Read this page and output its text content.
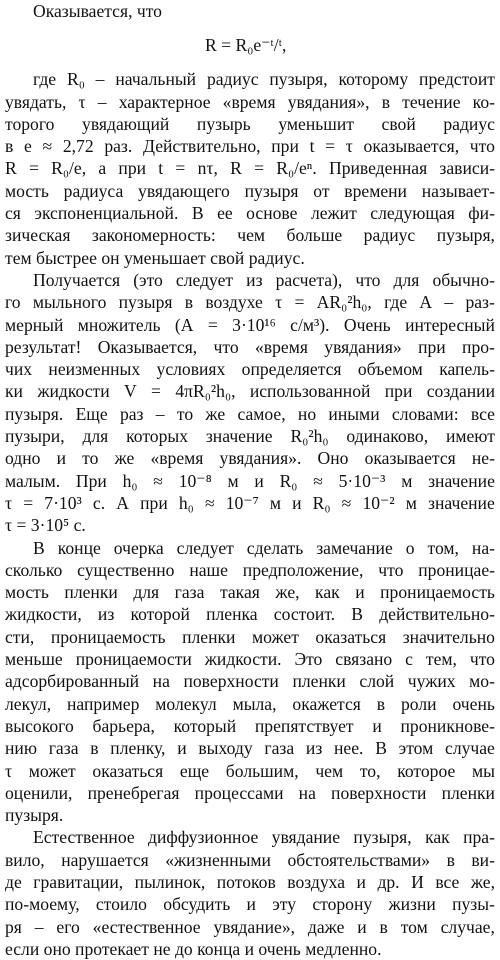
Оказывается, что
R = R₀e⁻ᵗ/ᵗ,
где R₀ – начальный радиус пузыря, которому предстоит
увядать, τ – характерное «время увядания», в течение ко-
торого увядающий пузырь уменьшит свой радиус
в e ≈ 2,72 раз. Действительно, при t = τ оказывается, что
R = R₀/e, а при t = nτ, R = R₀/eⁿ. Приведенная зависи-
мость радиуса увядающего пузыря от времени называет-
ся экспоненциальной. В ее основе лежит следующая фи-
зическая закономерность: чем больше радиус пузыря,
тем быстрее он уменьшает свой радиус.
Получается (это следует из расчета), что для обычно-
го мыльного пузыря в воздухе τ = AR₀²h₀, где A – раз-
мерный множитель (A = 3·10¹⁶ с/м³). Очень интересный
результат! Оказывается, что «время увядания» при про-
чих неизменных условиях определяется объемом капель-
ки жидкости V = 4πR₀²h₀, использованной при создании
пузыря. Еще раз – то же самое, но иными словами: все
пузыри, для которых значение R₀²h₀ одинаково, имеют
одно и то же «время увядания». Оно оказывается не-
малым. При h₀ ≈ 10⁻⁸ м и R₀ ≈ 5·10⁻³ м значение
τ = 7·10³ с. А при h₀ ≈ 10⁻⁷ м и R₀ ≈ 10⁻² м значение
τ = 3·10⁵ с.
В конце очерка следует сделать замечание о том, на-
сколько существенно наше предположение, что проницае-
мость пленки для газа такая же, как и проницаемость
жидкости, из которой пленка состоит. В действительно-
сти, проницаемость пленки может оказаться значительно
меньше проницаемости жидкости. Это связано с тем, что
адсорбированный на поверхности пленки слой чужих мо-
лекул, например молекул мыла, окажется в роли очень
высокого барьера, который препятствует и проникнове-
нию газа в пленку, и выходу газа из нее. В этом случае
τ может оказаться еще большим, чем то, которое мы
оценили, пренебрегая процессами на поверхности пленки
пузыря.
Естественное диффузионное увядание пузыря, как пра-
вило, нарушается «жизненными обстоятельствами» в ви-
де гравитации, пылинок, потоков воздуха и др. И все же,
по-моему, стоило обсудить и эту сторону жизни пузы-
ря – его «естественное увядание», даже и в том случае,
если оно протекает не до конца и очень медленно.
